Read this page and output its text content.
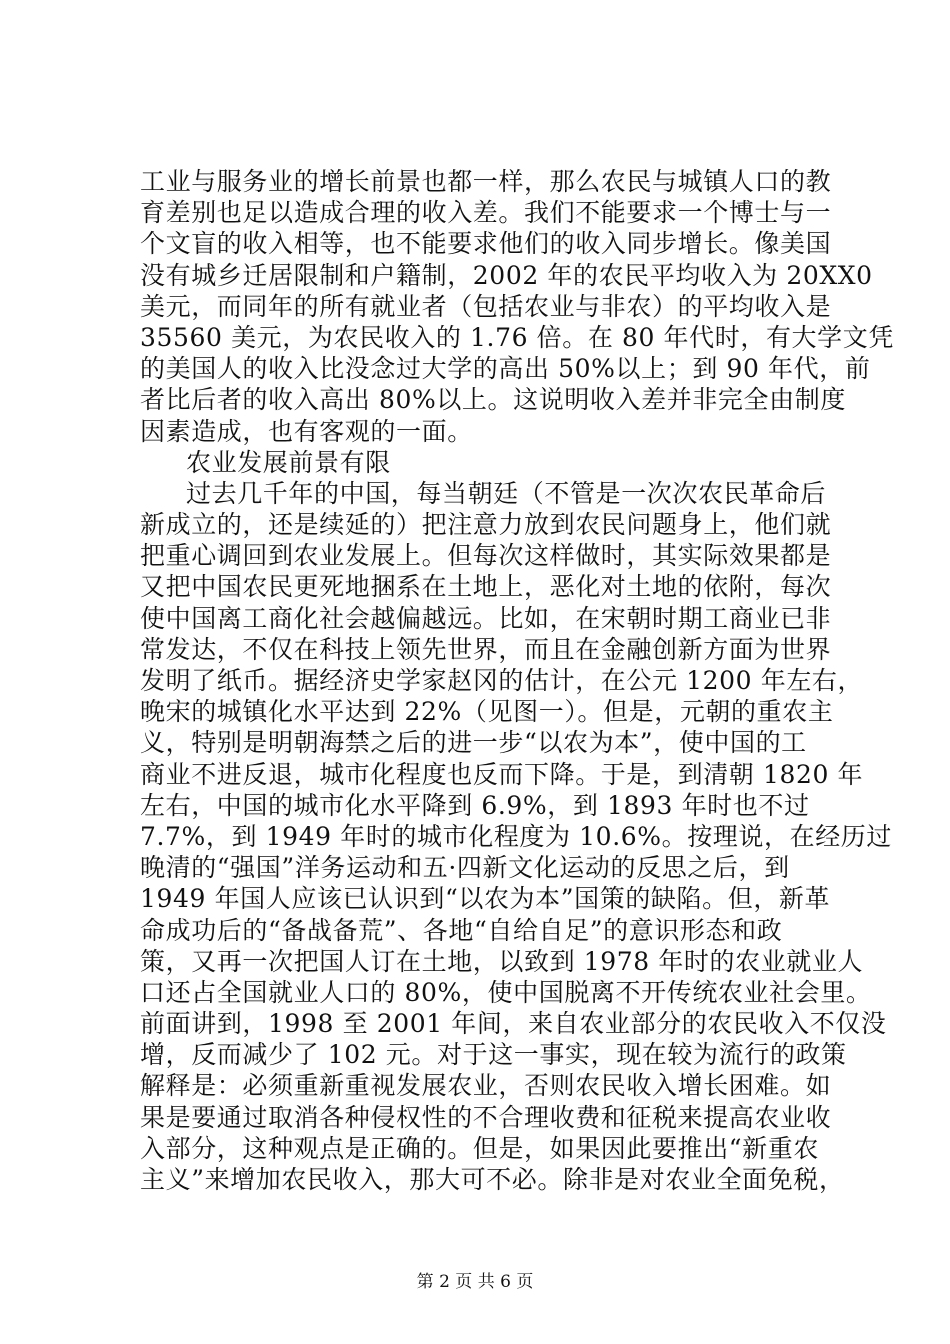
工业与服务业的增长前景也都一样，那么农民与城镇人口的教
育差别也足以造成合理的收入差。我们不能要求一个博士与一
个文盲的收入相等，也不能要求他们的收入同步增长。像美国
没有城乡迁居限制和户籍制，2002 年的农民平均收入为 20XX0
美元，而同年的所有就业者（包括农业与非农）的平均收入是
35560 美元，为农民收入的 1.76 倍。在 80 年代时，有大学文凭
的美国人的收入比没念过大学的高出 50%以上；到 90 年代，前
者比后者的收入高出 80%以上。这说明收入差并非完全由制度
因素造成，也有客观的一面。
农业发展前景有限
过去几千年的中国，每当朝廷（不管是一次次农民革命后
新成立的，还是续延的）把注意力放到农民问题身上，他们就
把重心调回到农业发展上。但每次这样做时，其实际效果都是
又把中国农民更死地捆系在土地上，恶化对土地的依附，每次
使中国离工商化社会越偏越远。比如，在宋朝时期工商业已非
常发达，不仅在科技上领先世界，而且在金融创新方面为世界
发明了纸币。据经济史学家赵冈的估计，在公元 1200 年左右，
晚宋的城镇化水平达到 22%（见图一）。但是，元朝的重农主
义，特别是明朝海禁之后的进一步“以农为本”，使中国的工
商业不进反退，城市化程度也反而下降。于是，到清朝 1820 年
左右，中国的城市化水平降到 6.9%，到 1893 年时也不过
7.7%，到 1949 年时的城市化程度为 10.6%。按理说，在经历过
晚清的“强国”洋务运动和五·四新文化运动的反思之后，到
1949 年国人应该已认识到“以农为本”国策的缺陷。但，新革
命成功后的“备战备荒”、各地“自给自足”的意识形态和政
策，又再一次把国人订在土地，以致到 1978 年时的农业就业人
口还占全国就业人口的 80%，使中国脱离不开传统农业社会里。
前面讲到，1998 至 2001 年间，来自农业部分的农民收入不仅没
增，反而减少了 102 元。对于这一事实，现在较为流行的政策
解释是：必须重新重视发展农业，否则农民收入增长困难。如
果是要通过取消各种侵权性的不合理收费和征税来提高农业收
入部分，这种观点是正确的。但是，如果因此要推出“新重农
主义”来增加农民收入，那大可不必。除非是对农业全面免税，
第 2 页 共 6 页
